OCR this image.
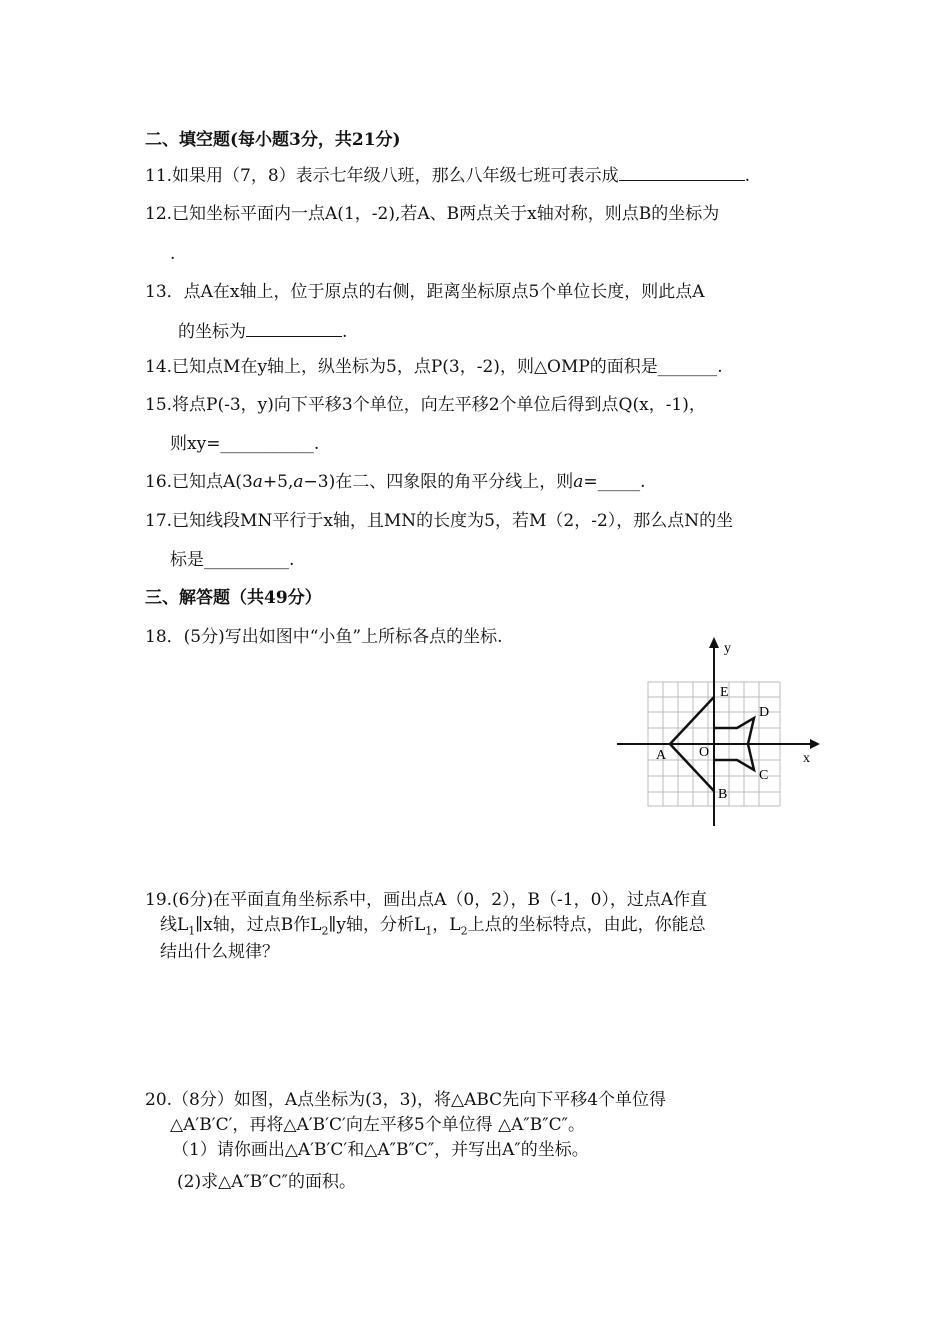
二、填空题(每小题3分，共21分)
11.如果用（7，8）表示七年级八班，那么八年级七班可表示成	.
12.已知坐标平面内一点A(1，-2),若A、B两点关于x轴对称，则点B的坐标为
.
13．点A在x轴上，位于原点的右侧，距离坐标原点5个单位长度，则此点A
的坐标为	.
14.已知点M在y轴上，纵坐标为5，点P(3，-2)，则△OMP的面积是_______.
15.将点P(-3，y)向下平移3个单位，向左平移2个单位后得到点Q(x，-1)，
则xy=___________.
16.已知点A(3a+5,a−3)在二、四象限的角平分线上，则a=_____.
17.已知线段MN平行于x轴，且MN的长度为5，若M（2，-2），那么点N的坐
标是__________.
三、解答题（共49分）
18．(5分)写出如图中“小鱼”上所标各点的坐标.
y
x
E
D
A O
C
B
19.(6分)在平面直角坐标系中，画出点A（0，2），B（-1，0），过点A作直
线$L_1\parallel x$轴，过点B作$L_2\parallel y$轴，分析$L_1$，$L_2$上点的坐标特点，由此，你能总
结出什么规律？
20.（8分）如图，A点坐标为(3，3)，将△ABC先向下平移4个单位得
△A′B′C′，再将△A′B′C′向左平移5个单位得 △A″B″C″。
（1）请你画出△A′B′C′和△A″B″C″，并写出A″的坐标。
(2)求△A″B″C″的面积。
